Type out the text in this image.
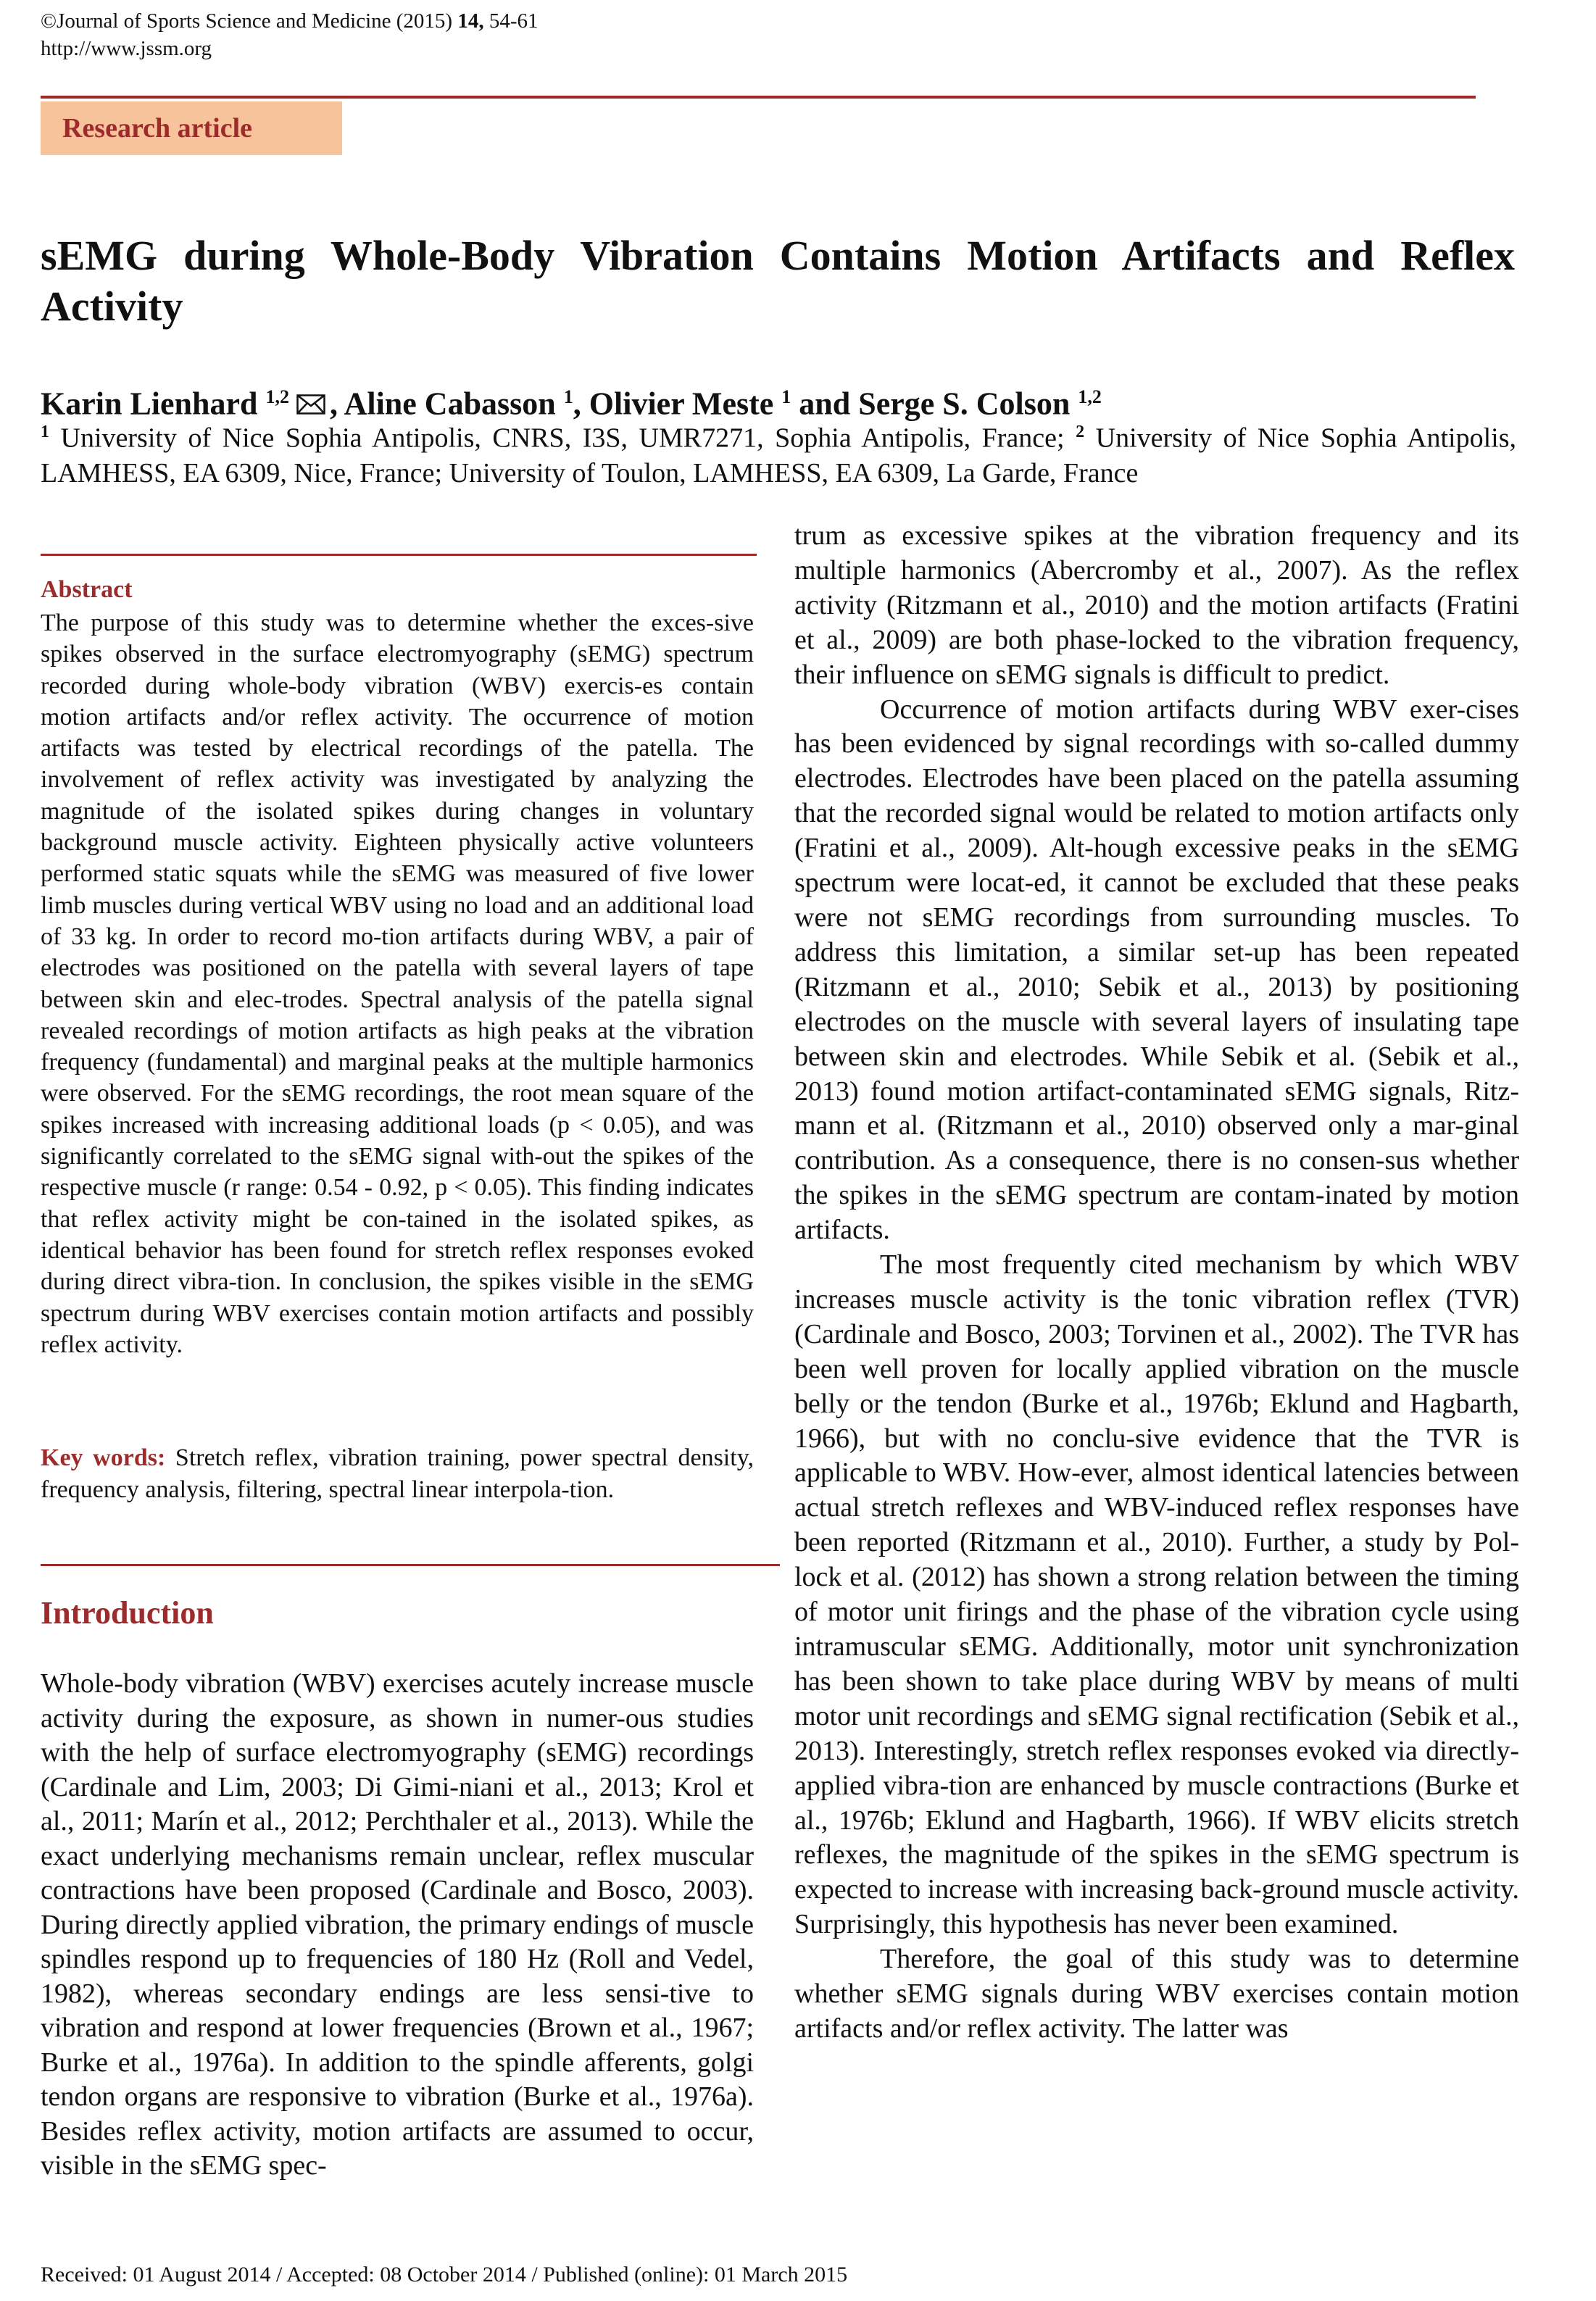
©Journal of Sports Science and Medicine (2015) 14, 54-61
http://www.jssm.org
Research article
sEMG during Whole-Body Vibration Contains Motion Artifacts and Reflex Activity
Karin Lienhard $^{1,2}$ , Aline Cabasson $^1$, Olivier Meste $^1$ and Serge S. Colson $^{1,2}$
$^1$ University of Nice Sophia Antipolis, CNRS, I3S, UMR7271, Sophia Antipolis, France; $^2$ University of Nice Sophia Antipolis, LAMHESS, EA 6309, Nice, France; University of Toulon, LAMHESS, EA 6309, La Garde, France
Abstract
The purpose of this study was to determine whether the exces-sive spikes observed in the surface electromyography (sEMG) spectrum recorded during whole-body vibration (WBV) exercis-es contain motion artifacts and/or reflex activity. The occurrence of motion artifacts was tested by electrical recordings of the patella. The involvement of reflex activity was investigated by analyzing the magnitude of the isolated spikes during changes in voluntary background muscle activity. Eighteen physically active volunteers performed static squats while the sEMG was measured of five lower limb muscles during vertical WBV using no load and an additional load of 33 kg. In order to record mo-tion artifacts during WBV, a pair of electrodes was positioned on the patella with several layers of tape between skin and elec-trodes. Spectral analysis of the patella signal revealed recordings of motion artifacts as high peaks at the vibration frequency (fundamental) and marginal peaks at the multiple harmonics were observed. For the sEMG recordings, the root mean square of the spikes increased with increasing additional loads (p < 0.05), and was significantly correlated to the sEMG signal with-out the spikes of the respective muscle (r range: 0.54 - 0.92, p < 0.05). This finding indicates that reflex activity might be con-tained in the isolated spikes, as identical behavior has been found for stretch reflex responses evoked during direct vibra-tion. In conclusion, the spikes visible in the sEMG spectrum during WBV exercises contain motion artifacts and possibly reflex activity.
Key words: Stretch reflex, vibration training, power spectral density, frequency analysis, filtering, spectral linear interpola-tion.
Introduction
Whole-body vibration (WBV) exercises acutely increase muscle activity during the exposure, as shown in numer-ous studies with the help of surface electromyography (sEMG) recordings (Cardinale and Lim, 2003; Di Gimi-niani et al., 2013; Krol et al., 2011; Marín et al., 2012; Perchthaler et al., 2013). While the exact underlying mechanisms remain unclear, reflex muscular contractions have been proposed (Cardinale and Bosco, 2003). During directly applied vibration, the primary endings of muscle spindles respond up to frequencies of 180 Hz (Roll and Vedel, 1982), whereas secondary endings are less sensi-tive to vibration and respond at lower frequencies (Brown et al., 1967; Burke et al., 1976a). In addition to the spindle afferents, golgi tendon organs are responsive to vibration (Burke et al., 1976a). Besides reflex activity, motion artifacts are assumed to occur, visible in the sEMG spec-

trum as excessive spikes at the vibration frequency and its multiple harmonics (Abercromby et al., 2007). As the reflex activity (Ritzmann et al., 2010) and the motion artifacts (Fratini et al., 2009) are both phase-locked to the vibration frequency, their influence on sEMG signals is difficult to predict.

Occurrence of motion artifacts during WBV exer-cises has been evidenced by signal recordings with so-called dummy electrodes. Electrodes have been placed on the patella assuming that the recorded signal would be related to motion artifacts only (Fratini et al., 2009). Alt-hough excessive peaks in the sEMG spectrum were locat-ed, it cannot be excluded that these peaks were not sEMG recordings from surrounding muscles. To address this limitation, a similar set-up has been repeated (Ritzmann et al., 2010; Sebik et al., 2013) by positioning electrodes on the muscle with several layers of insulating tape between skin and electrodes. While Sebik et al. (Sebik et al., 2013) found motion artifact-contaminated sEMG signals, Ritz-mann et al. (Ritzmann et al., 2010) observed only a mar-ginal contribution. As a consequence, there is no consen-sus whether the spikes in the sEMG spectrum are contam-inated by motion artifacts.

The most frequently cited mechanism by which WBV increases muscle activity is the tonic vibration reflex (TVR) (Cardinale and Bosco, 2003; Torvinen et al., 2002). The TVR has been well proven for locally applied vibration on the muscle belly or the tendon (Burke et al., 1976b; Eklund and Hagbarth, 1966), but with no conclu-sive evidence that the TVR is applicable to WBV. How-ever, almost identical latencies between actual stretch reflexes and WBV-induced reflex responses have been reported (Ritzmann et al., 2010). Further, a study by Pol-lock et al. (2012) has shown a strong relation between the timing of motor unit firings and the phase of the vibration cycle using intramuscular sEMG. Additionally, motor unit synchronization has been shown to take place during WBV by means of multi motor unit recordings and sEMG signal rectification (Sebik et al., 2013). Interestingly, stretch reflex responses evoked via directly-applied vibra-tion are enhanced by muscle contractions (Burke et al., 1976b; Eklund and Hagbarth, 1966). If WBV elicits stretch reflexes, the magnitude of the spikes in the sEMG spectrum is expected to increase with increasing back-ground muscle activity. Surprisingly, this hypothesis has never been examined.

Therefore, the goal of this study was to determine whether sEMG signals during WBV exercises contain motion artifacts and/or reflex activity. The latter was

Received: 01 August 2014 / Accepted: 08 October 2014 / Published (online): 01 March 2015
